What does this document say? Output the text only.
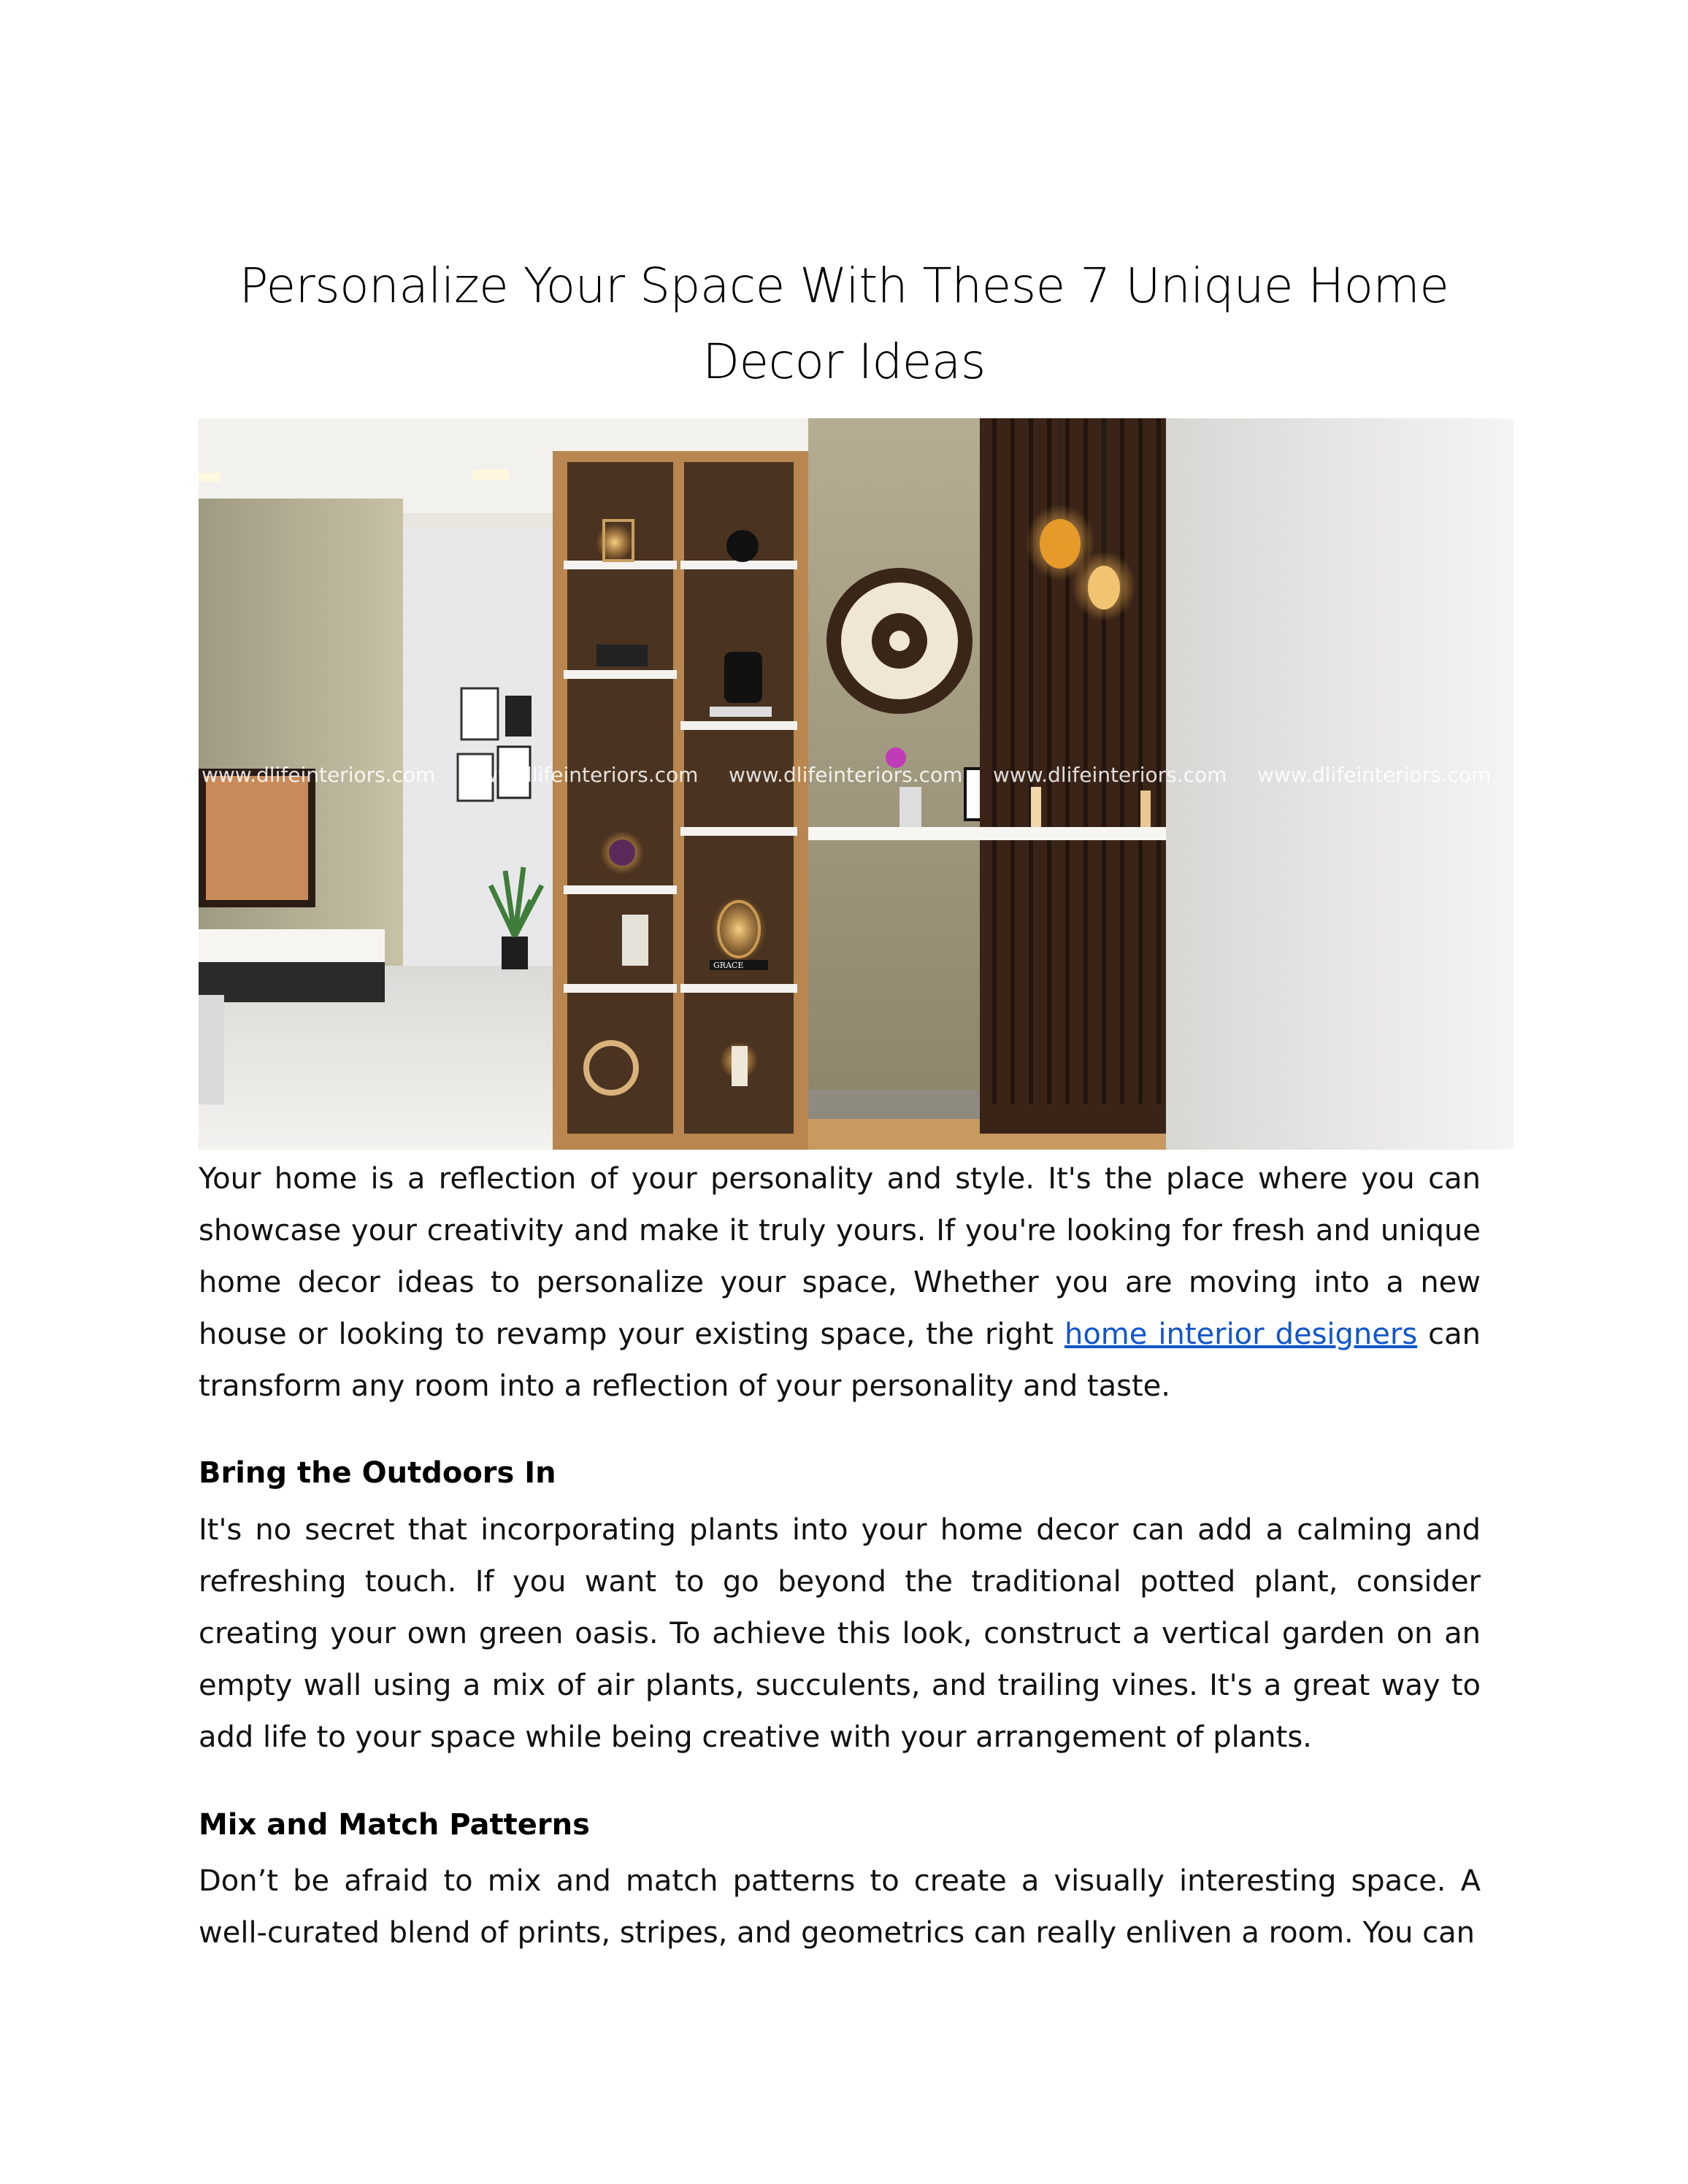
Personalize Your Space With These 7 Unique Home Decor Ideas
GRACE
www.dlifeinteriors.com www.dlifeinteriors.com www.dlifeinteriors.com www.dlifeinteriors.com www.dlifeinteriors.com

Your home is a reflection of your personality and style. It's the place where you can showcase your creativity and make it truly yours. If you're looking for fresh and unique home decor ideas to personalize your space, Whether you are moving into a new house or looking to revamp your existing space, the right home interior designers can transform any room into a reflection of your personality and taste.

Bring the Outdoors In

It's no secret that incorporating plants into your home decor can add a calming and refreshing touch. If you want to go beyond the traditional potted plant, consider creating your own green oasis. To achieve this look, construct a vertical garden on an empty wall using a mix of air plants, succulents, and trailing vines. It's a great way to add life to your space while being creative with your arrangement of plants.

Mix and Match Patterns

Don’t be afraid to mix and match patterns to create a visually interesting space. A well-curated blend of prints, stripes, and geometrics can really enliven a room. You can
